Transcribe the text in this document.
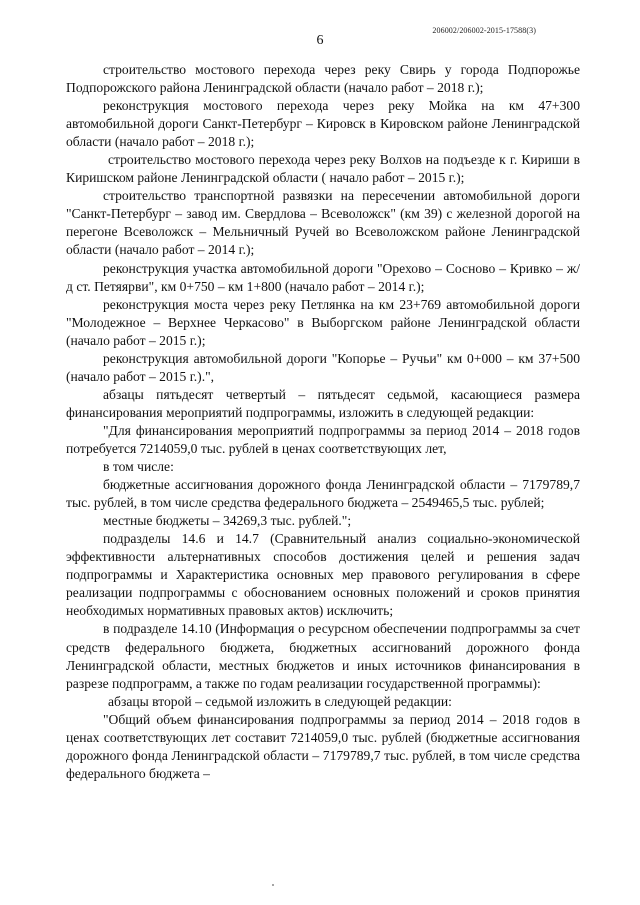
206002/206002-2015-17588(3)
6

строительство мостового перехода через реку Свирь у города Подпорожье Подпорожского района Ленинградской области (начало работ – 2018 г.);

реконструкция мостового перехода через реку Мойка на км 47+300 автомобильной дороги Санкт-Петербург – Кировск в Кировском районе Ленинградской области (начало работ – 2018 г.);

строительство мостового перехода через реку Волхов на подъезде к г. Кириши в Киришском районе Ленинградской области ( начало работ – 2015 г.);

строительство транспортной развязки на пересечении автомобильной дороги "Санкт-Петербург – завод им. Свердлова – Всеволожск" (км 39) с железной дорогой на перегоне Всеволожск – Мельничный Ручей во Всеволожском районе Ленинградской области (начало работ – 2014 г.);

реконструкция участка автомобильной дороги "Орехово – Сосново – Кривко – ж/д ст. Петяярви", км 0+750 – км 1+800 (начало работ – 2014 г.);

реконструкция моста через реку Петлянка на км 23+769 автомобильной дороги "Молодежное – Верхнее Черкасово" в Выборгском районе Ленинградской области (начало работ – 2015 г.);

реконструкция автомобильной дороги "Копорье – Ручьи" км 0+000 – км 37+500 (начало работ – 2015 г.).",

абзацы пятьдесят четвертый – пятьдесят седьмой, касающиеся размера финансирования мероприятий подпрограммы, изложить в следующей редакции:

"Для финансирования мероприятий подпрограммы за период 2014 – 2018 годов потребуется 7214059,0 тыс. рублей в ценах соответствующих лет,

в том числе:

бюджетные ассигнования дорожного фонда Ленинградской области – 7179789,7 тыс. рублей, в том числе средства федерального бюджета – 2549465,5 тыс. рублей;

местные бюджеты – 34269,3 тыс. рублей.";

подразделы 14.6 и 14.7 (Сравнительный анализ социально-экономической эффективности альтернативных способов достижения целей и решения задач подпрограммы и Характеристика основных мер правового регулирования в сфере реализации подпрограммы с обоснованием основных положений и сроков принятия необходимых нормативных правовых актов) исключить;

в подразделе 14.10 (Информация о ресурсном обеспечении подпрограммы за счет средств федерального бюджета, бюджетных ассигнований дорожного фонда Ленинградской области, местных бюджетов и иных источников финансирования в разрезе подпрограмм, а также по годам реализации государственной программы):

абзацы второй – седьмой изложить в следующей редакции:

"Общий объем финансирования подпрограммы за период 2014 – 2018 годов в ценах соответствующих лет составит 7214059,0 тыс. рублей (бюджетные ассигнования дорожного фонда Ленинградской области – 7179789,7 тыс. рублей, в том числе средства федерального бюджета –
